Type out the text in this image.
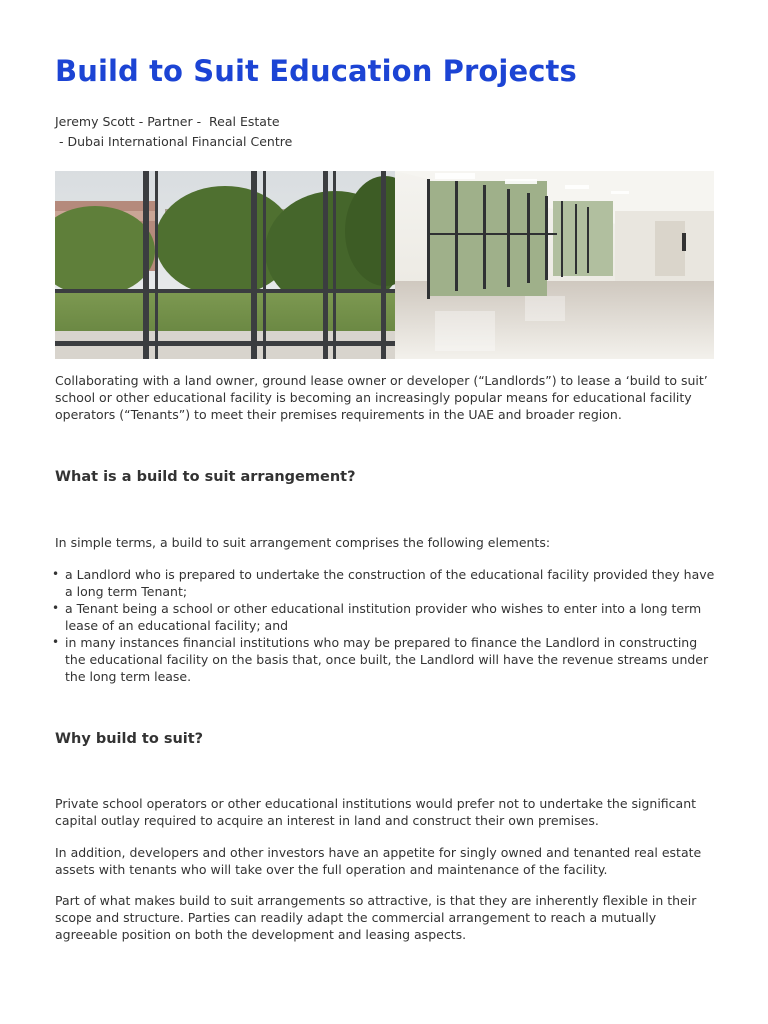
Build to Suit Education Projects
Jeremy Scott - Partner -  Real Estate
- Dubai International Financial Centre

Collaborating with a land owner, ground lease owner or developer (“Landlords”) to lease a ‘build to suit’ school or other educational facility is becoming an increasingly popular means for educational facility operators (“Tenants”) to meet their premises requirements in the UAE and broader region.

What is a build to suit arrangement?

In simple terms, a build to suit arrangement comprises the following elements:

• a Landlord who is prepared to undertake the construction of the educational facility provided they have a long term Tenant;
• a Tenant being a school or other educational institution provider who wishes to enter into a long term lease of an educational facility; and
• in many instances financial institutions who may be prepared to finance the Landlord in constructing the educational facility on the basis that, once built, the Landlord will have the revenue streams under the long term lease.
Why build to suit?

Private school operators or other educational institutions would prefer not to undertake the significant capital outlay required to acquire an interest in land and construct their own premises.

In addition, developers and other investors have an appetite for singly owned and tenanted real estate assets with tenants who will take over the full operation and maintenance of the facility.

Part of what makes build to suit arrangements so attractive, is that they are inherently flexible in their scope and structure. Parties can readily adapt the commercial arrangement to reach a mutually agreeable position on both the development and leasing aspects.
